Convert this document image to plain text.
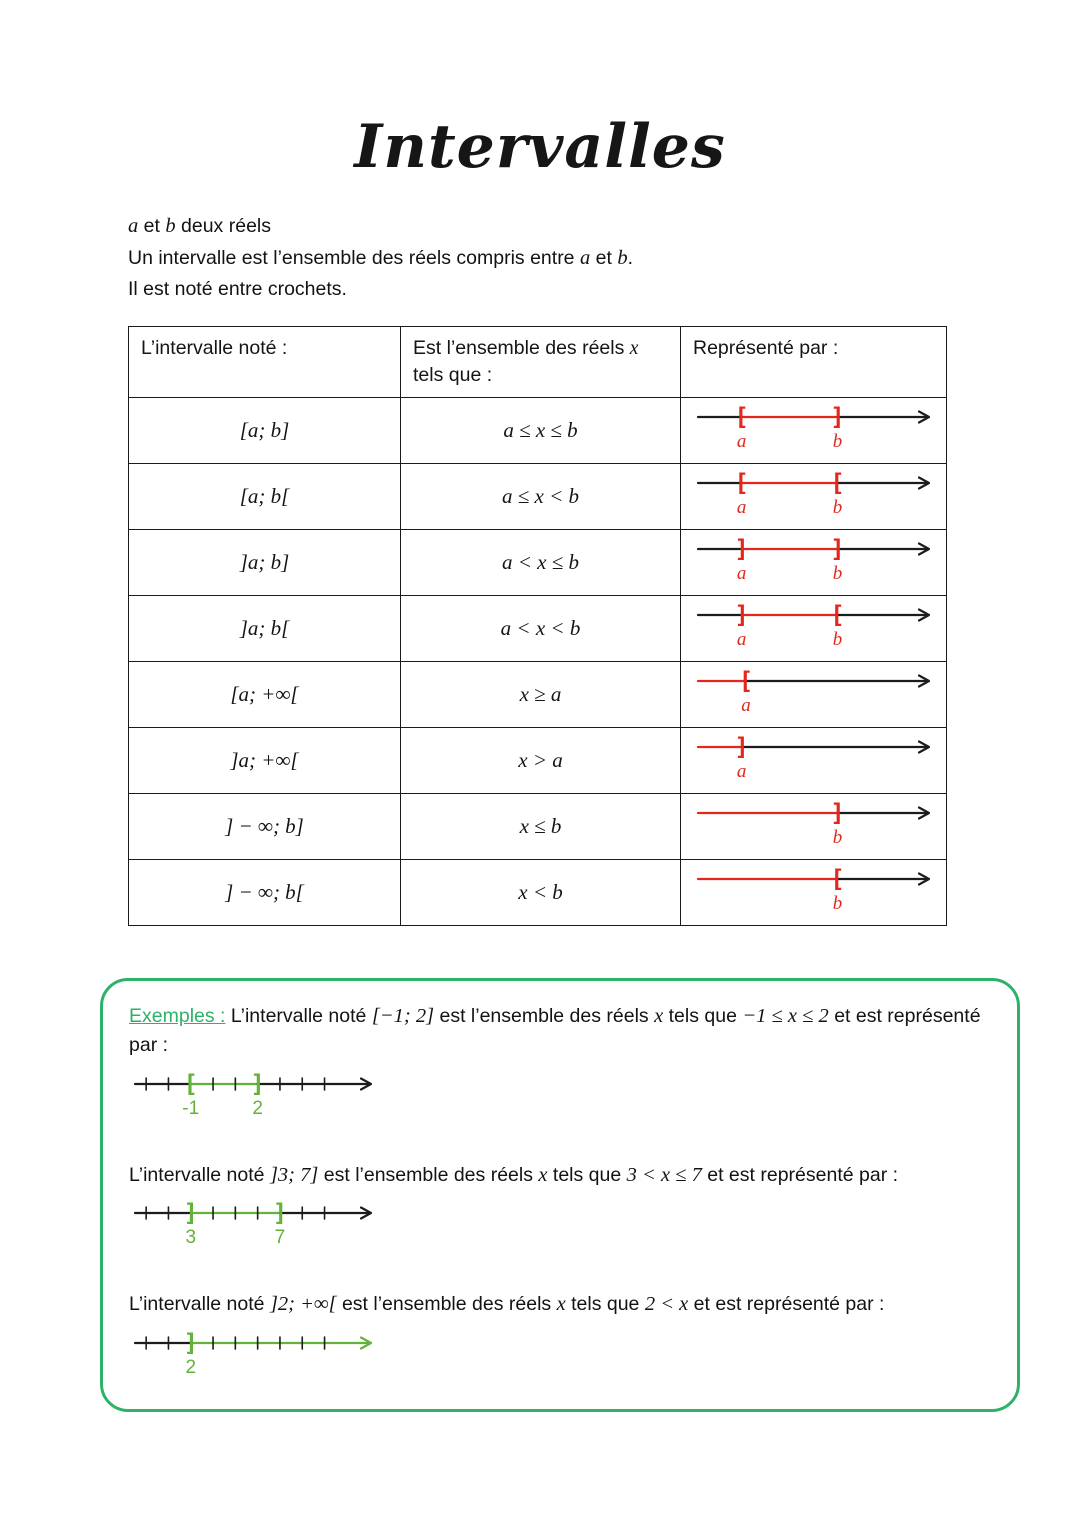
Intervalles

a et b deux réels

Un intervalle est l’ensemble des réels compris entre a et b.

Il est noté entre crochets.

L’intervalle noté :	Est l’ensemble des réels x tels que :	Représenté par :
[a; b]	a ≤ x ≤ b	[
a
]
b

[a; b[	a ≤ x < b	[
a
[
b

]a; b]	a < x ≤ b	]
a
]
b

]a; b[	a < x < b	]
a
[
b

[a; +∞[	x ≥ a	[
a

]a; +∞[	x > a	]
a

] − ∞; b]	x ≤ b	]
b

] − ∞; b[	x < b	[
b

Exemples : L’intervalle noté [−1; 2] est l’ensemble des réels x tels que −1 ≤ x ≤ 2 et est représenté par :

[
-1
]
2

L’intervalle noté ]3; 7] est l’ensemble des réels x tels que 3 < x ≤ 7 et est représenté par :

]
3
]
7

L’intervalle noté ]2; +∞[ est l’ensemble des réels x tels que 2 < x et est représenté par :

]
2
